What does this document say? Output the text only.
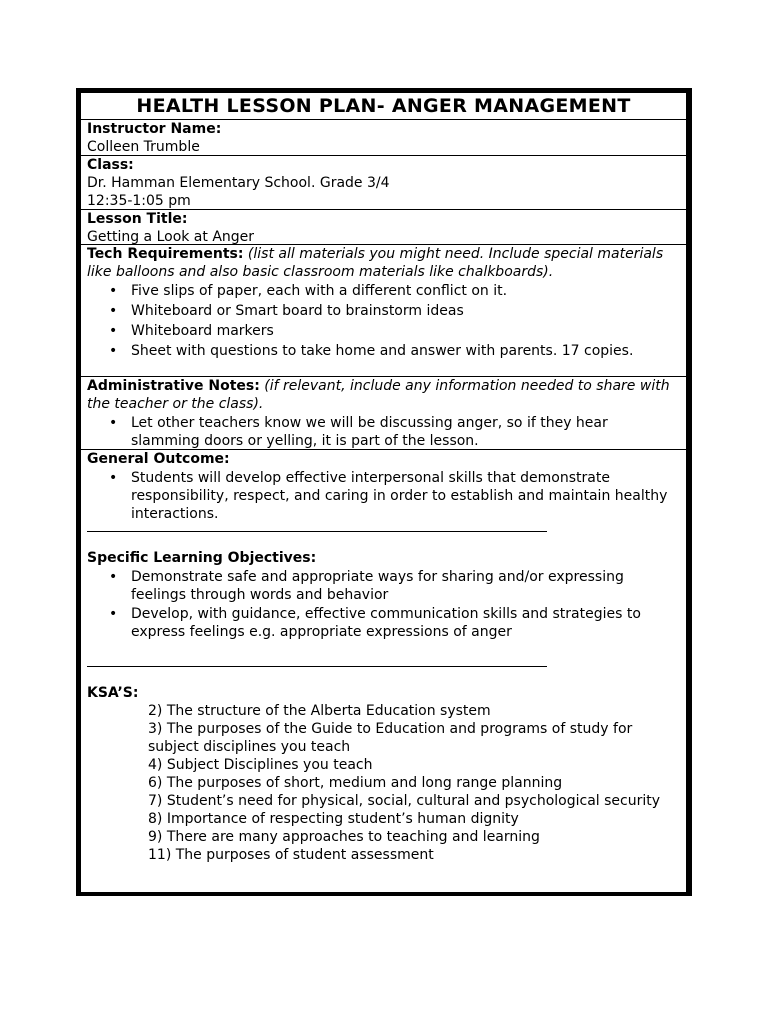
HEALTH LESSON PLAN- ANGER MANAGEMENT
Instructor Name:
Colleen Trumble
Class:
Dr. Hamman Elementary School. Grade 3/4
12:35-1:05 pm
Lesson Title:
Getting a Look at Anger
Tech Requirements: (list all materials you might need. Include special materials like balloons and also basic classroom materials like chalkboards).
• Five slips of paper, each with a different conflict on it.
• Whiteboard or Smart board to brainstorm ideas
• Whiteboard markers
• Sheet with questions to take home and answer with parents. 17 copies.
Administrative Notes: (if relevant, include any information needed to share with the teacher or the class).
• Let other teachers know we will be discussing anger, so if they hear slamming doors or yelling, it is part of the lesson.
General Outcome:
• Students will develop effective interpersonal skills that demonstrate responsibility, respect, and caring in order to establish and maintain healthy interactions.
Specific Learning Objectives:
• Demonstrate safe and appropriate ways for sharing and/or expressing feelings through words and behavior
• Develop, with guidance, effective communication skills and strategies to express feelings e.g. appropriate expressions of anger
KSA’S:
2) The structure of the Alberta Education system
3) The purposes of the Guide to Education and programs of study for subject disciplines you teach
4) Subject Disciplines you teach
6) The purposes of short, medium and long range planning
7) Student’s need for physical, social, cultural and psychological security
8) Importance of respecting student’s human dignity
9) There are many approaches to teaching and learning
11) The purposes of student assessment
